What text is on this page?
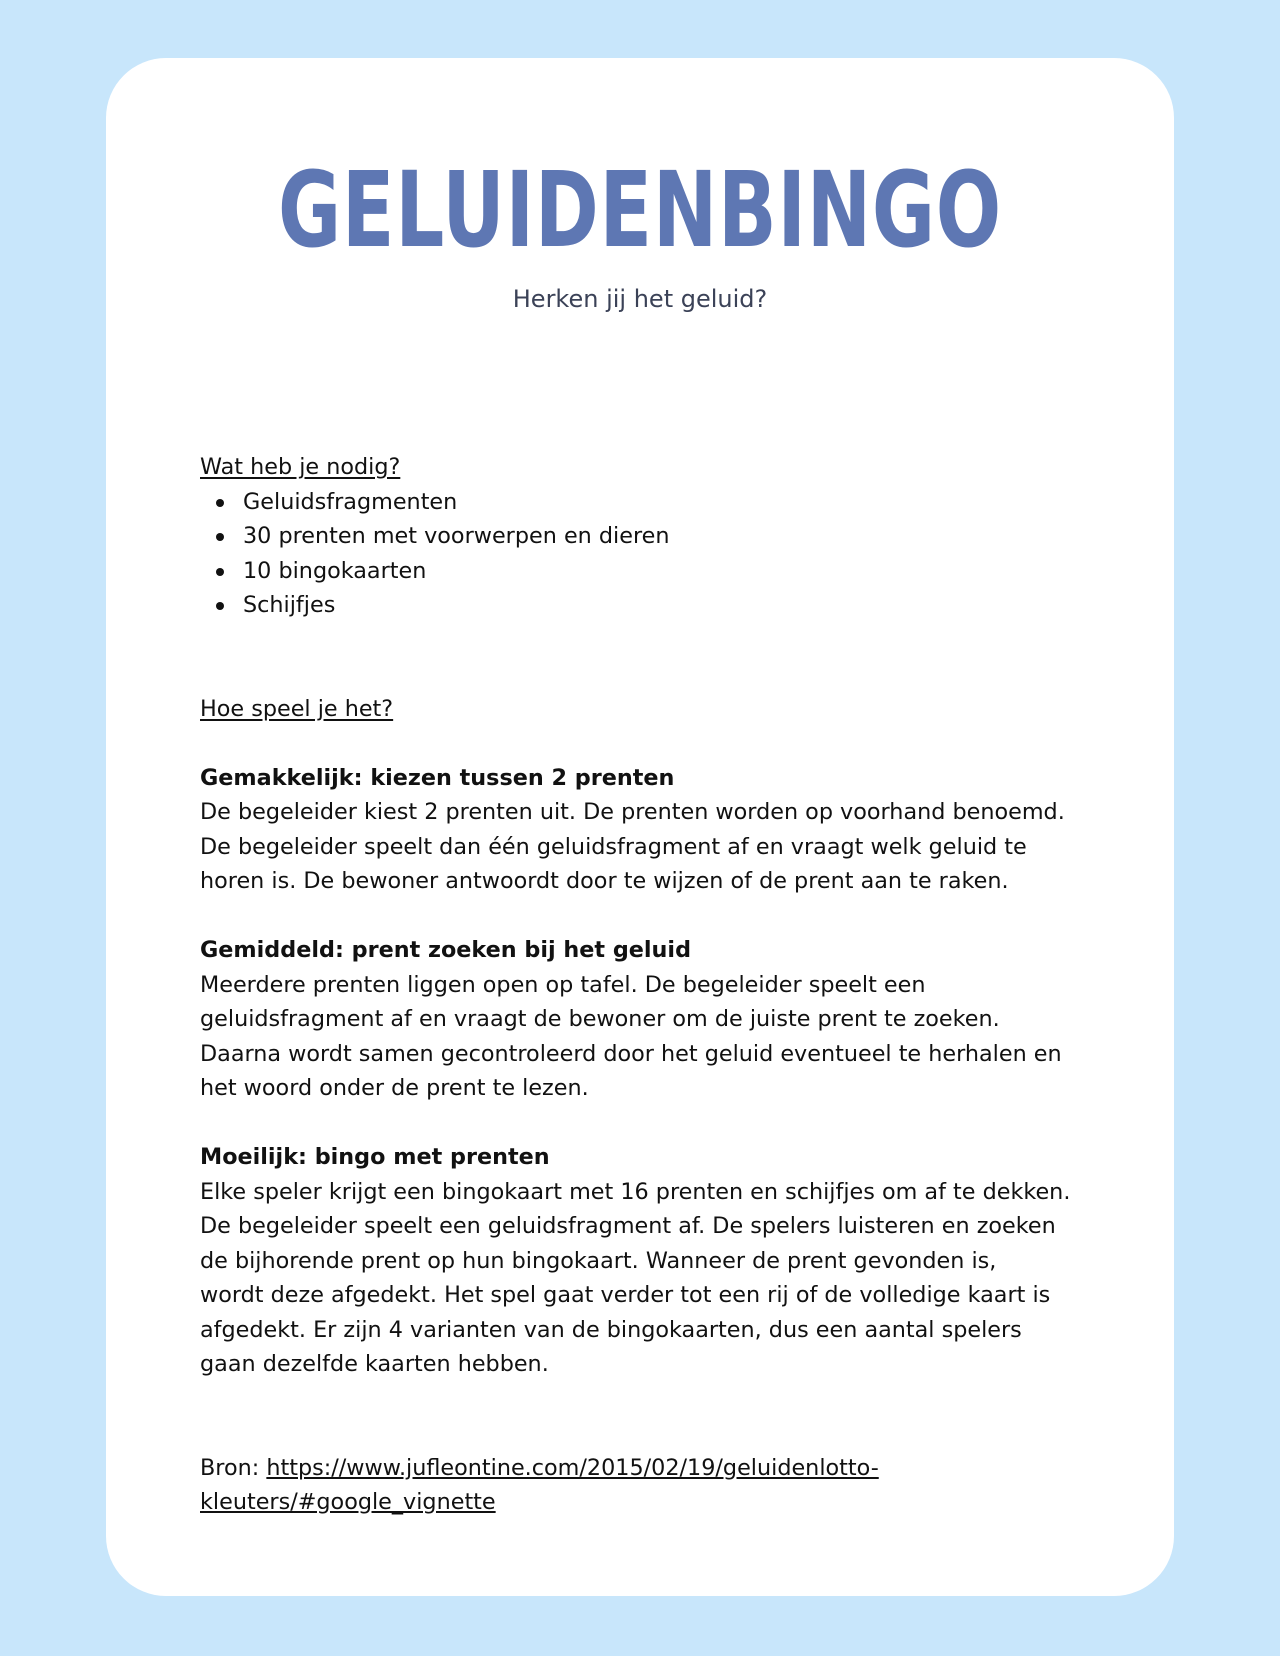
GELUIDENBINGO
Herken jij het geluid?

Wat heb je nodig?

Geluidsfragmenten
30 prenten met voorwerpen en dieren
10 bingokaarten
Schijfjes

Hoe speel je het?

Gemakkelijk: kiezen tussen 2 prenten

De begeleider kiest 2 prenten uit. De prenten worden op voorhand benoemd.

De begeleider speelt dan één geluidsfragment af en vraagt welk geluid te

horen is. De bewoner antwoordt door te wijzen of de prent aan te raken.

Gemiddeld: prent zoeken bij het geluid

Meerdere prenten liggen open op tafel. De begeleider speelt een

geluidsfragment af en vraagt de bewoner om de juiste prent te zoeken.

Daarna wordt samen gecontroleerd door het geluid eventueel te herhalen en

het woord onder de prent te lezen.

Moeilijk: bingo met prenten

Elke speler krijgt een bingokaart met 16 prenten en schijfjes om af te dekken.

De begeleider speelt een geluidsfragment af. De spelers luisteren en zoeken

de bijhorende prent op hun bingokaart. Wanneer de prent gevonden is,

wordt deze afgedekt. Het spel gaat verder tot een rij of de volledige kaart is

afgedekt. Er zijn 4 varianten van de bingokaarten, dus een aantal spelers

gaan dezelfde kaarten hebben.

Bron: https://www.jufleontine.com/2015/02/19/geluidenlotto-

kleuters/#google_vignette
